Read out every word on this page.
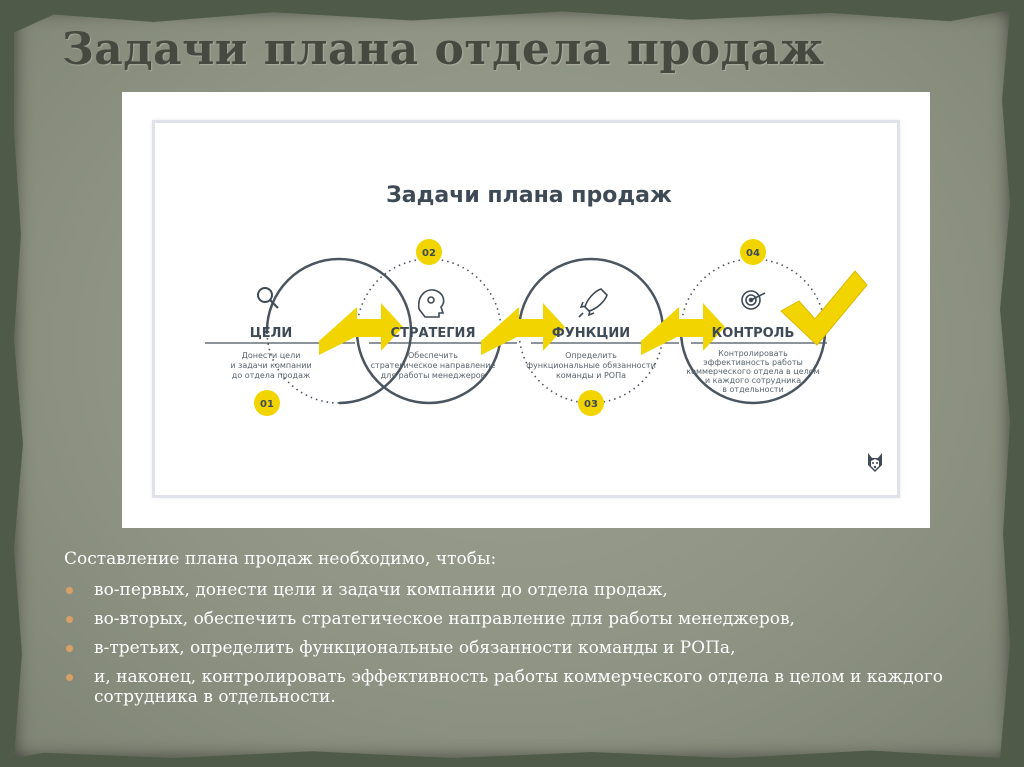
Задачи плана отдела продаж
Задачи плана продаж
01
02
03
04
ЦЕЛИ	СТРАТЕГИЯ	ФУНКЦИИ	КОНТРОЛЬ
Донести цели
и задачи компании
до отдела продаж
Обеспечить
стратегическое направление
для работы менеджеров
Определить
функциональные обязанности
команды и РОПа
Контролировать
эффективность работы
коммерческого отдела в целом
и каждого сотрудника
в отдельности

Составление плана продаж необходимо, чтобы:

во-первых, донести цели и задачи компании до отдела продаж,
во-вторых, обеспечить стратегическое направление для работы менеджеров,
в-третьих, определить функциональные обязанности команды и РОПа,
и, наконец, контролировать эффективность работы коммерческого отдела в целом и каждого сотрудника в отдельности.
